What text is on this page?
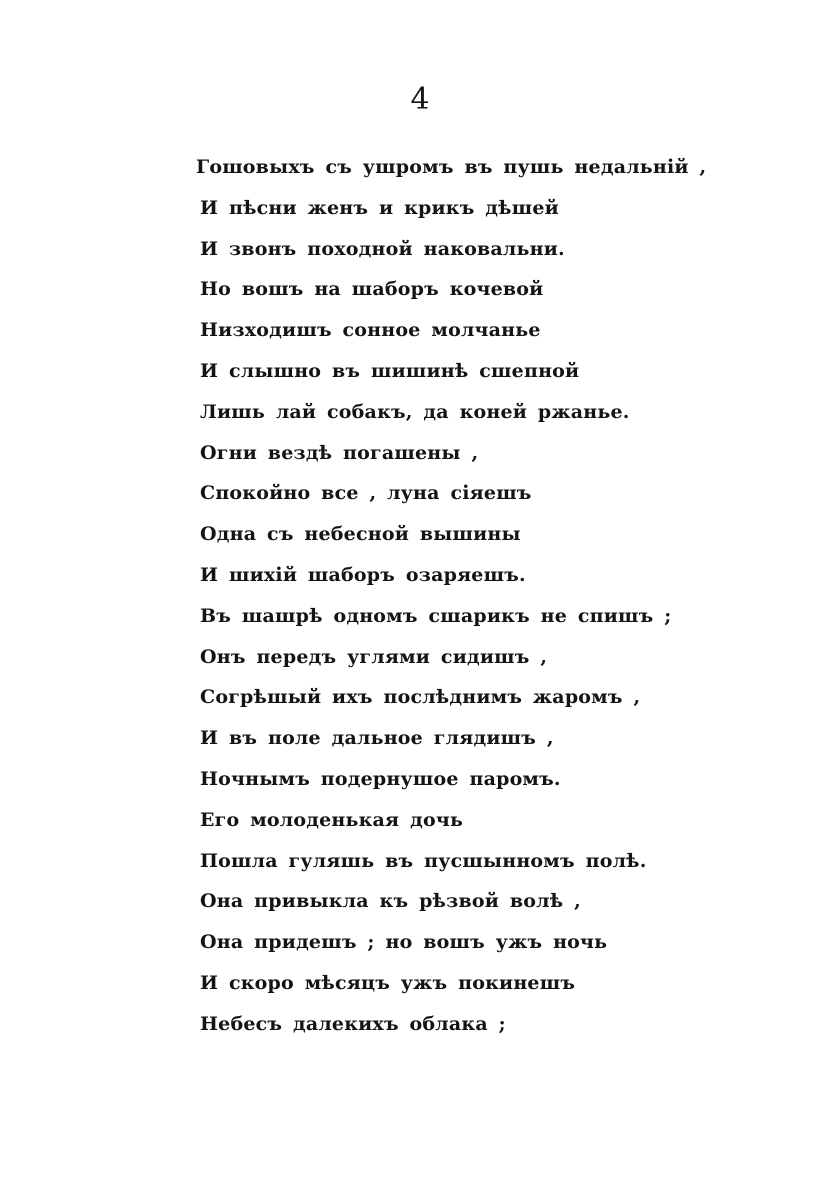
4
Гошовыхъ съ ушромъ въ пушь недальній ,
И пѣсни женъ и крикъ дѣшей
И звонъ походной наковальни.
Но вошъ на шаборъ кочевой
Низходишъ сонное молчанье
И слышно въ шишинѣ сшепной
Лишь лай собакъ, да коней ржанье.
Огни вездѣ погашены ,
Спокойно все , луна сіяешъ
Одна съ небесной вышины
И шихій шаборъ озаряешъ.
Въ шашрѣ одномъ сшарикъ не спишъ ;
Онъ передъ углями сидишъ ,
Согрѣшый ихъ послѣднимъ жаромъ ,
И въ поле дальное глядишъ ,
Ночнымъ подернушое паромъ.
Его молоденькая дочь
Пошла гуляшь въ пусшынномъ полѣ.
Она привыкла къ рѣзвой волѣ ,
Она придешъ ; но вошъ ужъ ночь
И скоро мѣсяцъ ужъ покинешъ
Небесъ далекихъ облака ;
